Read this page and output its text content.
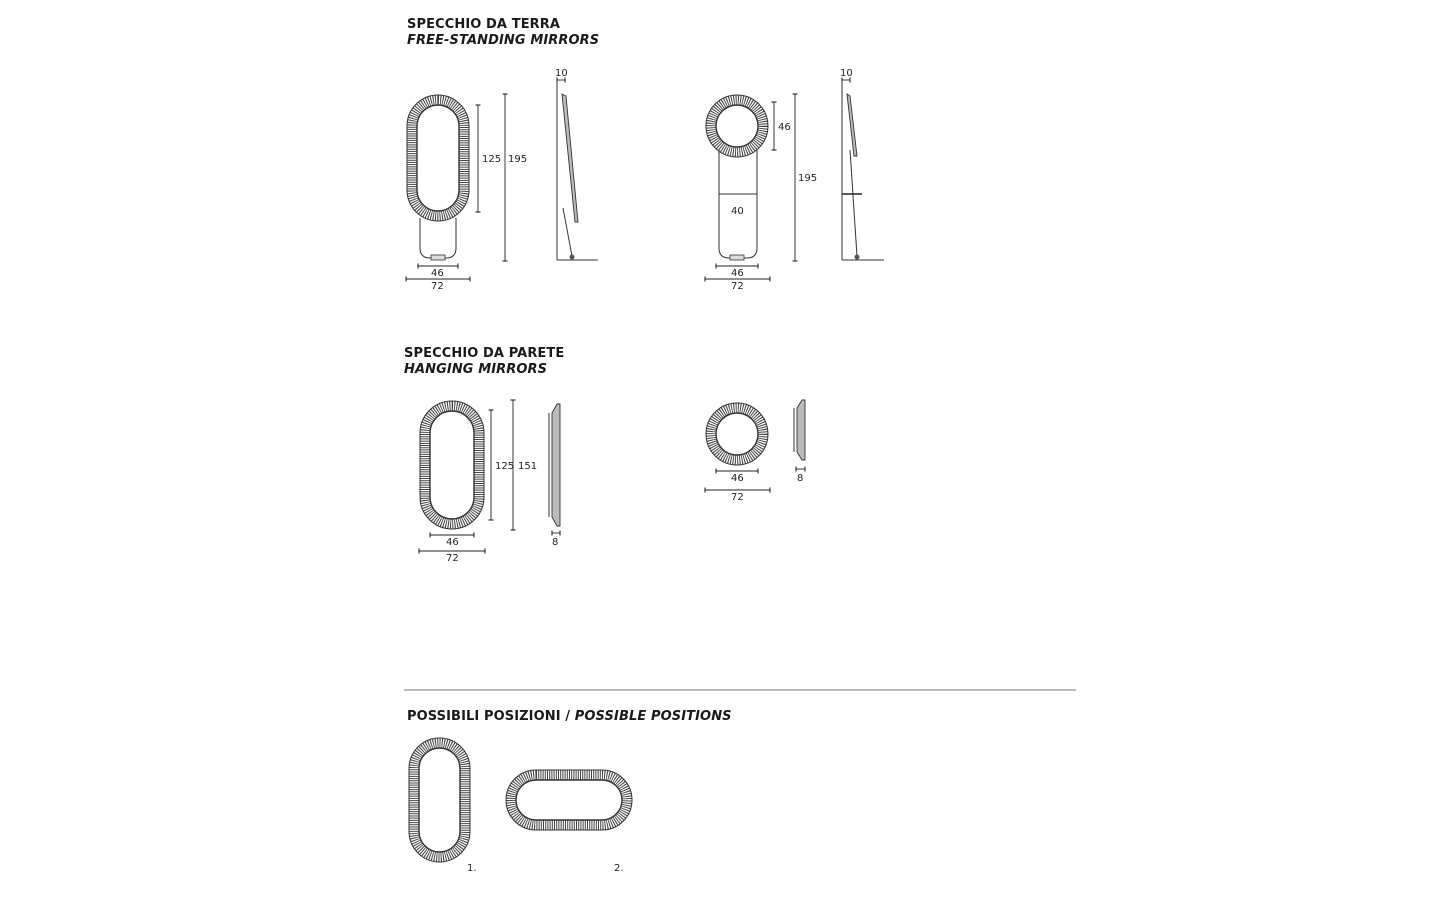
SPECCHIO DA TERRA
FREE-STANDING MIRRORS
SPECCHIO DA PARETE
HANGING MIRRORS
POSSIBILI POSIZIONI / POSSIBLE POSITIONS
125 195
46
72
10
46
195
40
46
72
10
125 151
46
72
8
46
72
8
1.	2.
